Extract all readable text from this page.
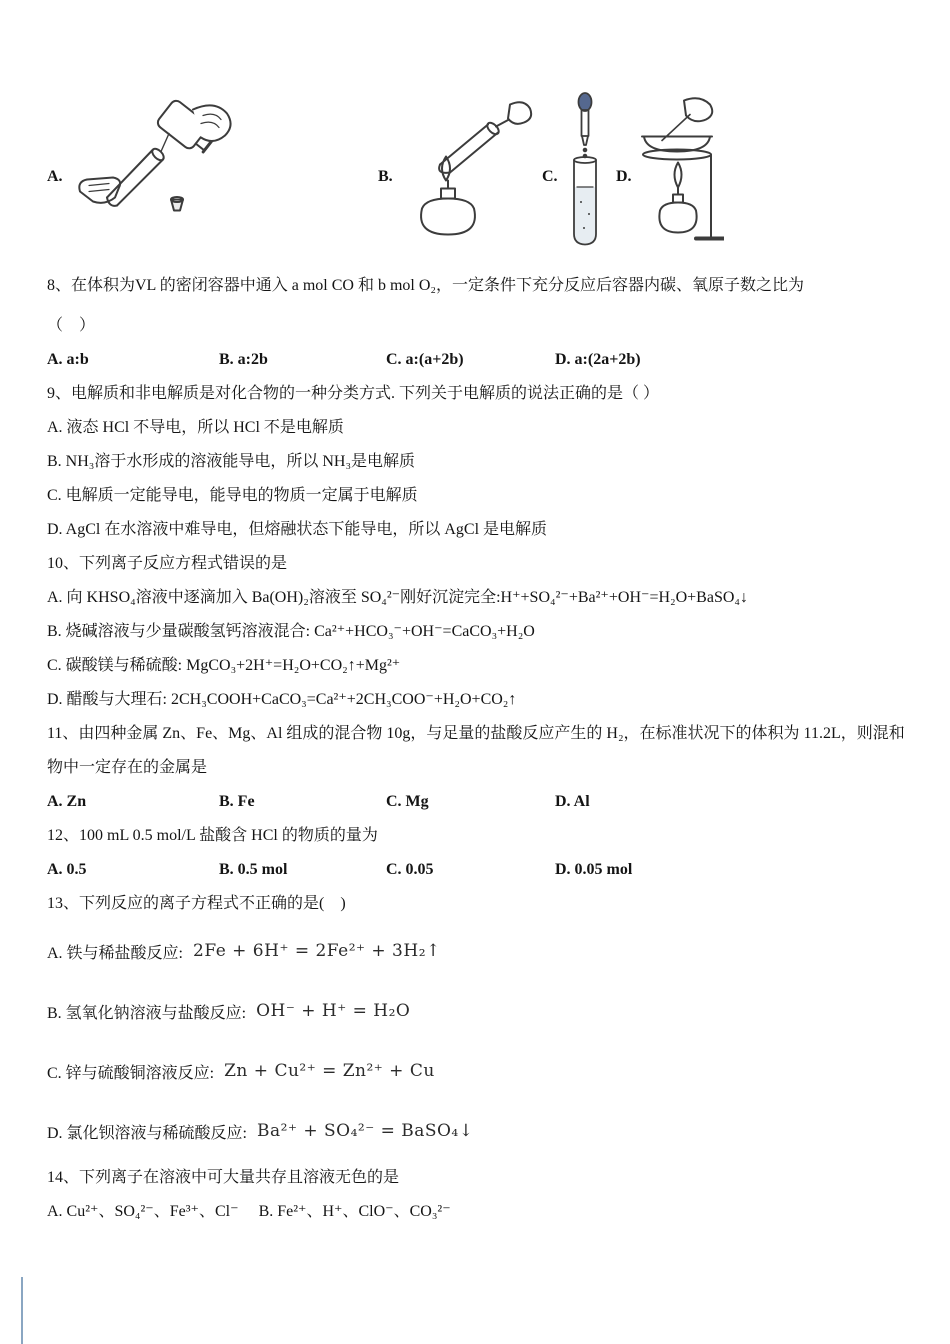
A.	B.	C.	D.

8、在体积为VL 的密闭容器中通入 a mol CO 和 b mol O₂，一定条件下充分反应后容器内碳、氧原子数之比为

（　）

A. a:b	B. a:2b	C. a:(a+2b)	D. a:(2a+2b)

9、电解质和非电解质是对化合物的一种分类方式. 下列关于电解质的说法正确的是（ ）

A. 液态 HCl 不导电，所以 HCl 不是电解质

B. NH₃溶于水形成的溶液能导电，所以 NH₃是电解质

C. 电解质一定能导电，能导电的物质一定属于电解质

D. AgCl 在水溶液中难导电，但熔融状态下能导电，所以 AgCl 是电解质

10、下列离子反应方程式错误的是

A. 向 KHSO₄溶液中逐滴加入 Ba(OH)₂溶液至 SO₄²⁻刚好沉淀完全:H⁺+SO₄²⁻+Ba²⁺+OH⁻=H₂O+BaSO₄↓

B. 烧碱溶液与少量碳酸氢钙溶液混合: Ca²⁺+HCO₃⁻+OH⁻=CaCO₃+H₂O

C. 碳酸镁与稀硫酸: MgCO₃+2H⁺=H₂O+CO₂↑+Mg²⁺

D. 醋酸与大理石: 2CH₃COOH+CaCO₃=Ca²⁺+2CH₃COO⁻+H₂O+CO₂↑

11、由四种金属 Zn、Fe、Mg、Al 组成的混合物 10g，与足量的盐酸反应产生的 H₂，在标准状况下的体积为 11.2L，则混和物中一定存在的金属是

A. Zn	B. Fe	C. Mg	D. Al

12、100 mL 0.5 mol/L 盐酸含 HCl 的物质的量为

A. 0.5	B. 0.5 mol	C. 0.05	D. 0.05 mol

13、下列反应的离子方程式不正确的是(　)

A. 铁与稀盐酸反应: 2Fe + 6H⁺ = 2Fe²⁺ + 3H₂↑
B. 氢氧化钠溶液与盐酸反应: OH⁻ + H⁺ = H₂O
C. 锌与硫酸铜溶液反应: Zn + Cu²⁺ = Zn²⁺ + Cu
D. 氯化钡溶液与稀硫酸反应: Ba²⁺ + SO₄²⁻ = BaSO₄↓

14、下列离子在溶液中可大量共存且溶液无色的是

A. Cu²⁺、SO₄²⁻、Fe³⁺、Cl⁻ B. Fe²⁺、H⁺、ClO⁻、CO₃²⁻
